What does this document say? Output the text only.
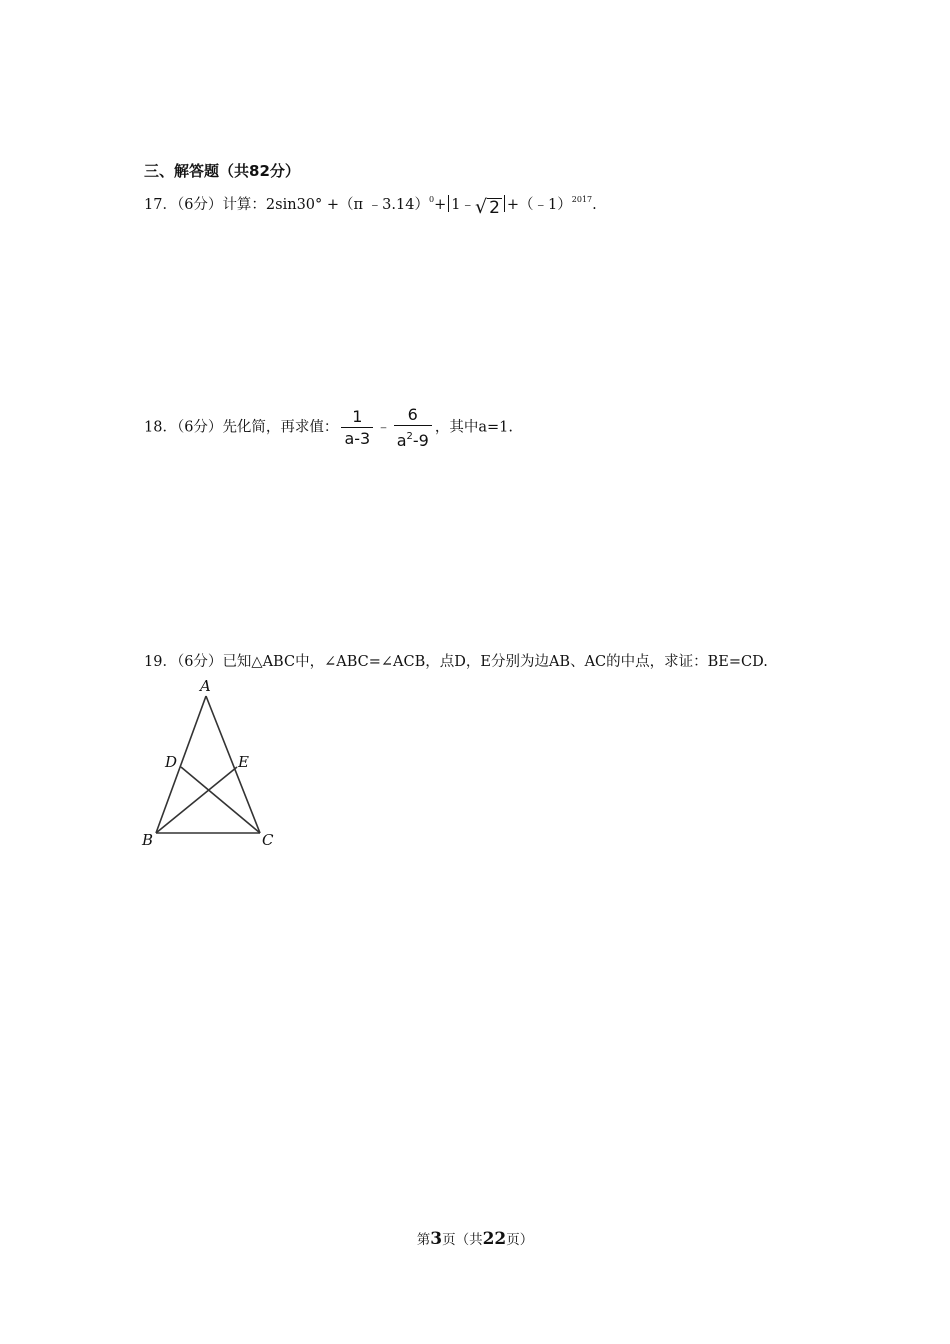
三、解答题（共82分）
17．（6分）计算：2sin30° +（π ﹣3.14）$^0$+ 1﹣ √ 2 +（﹣1）$^{2017}$.
18．（6分）先化简，再求值： $\frac{1}{a-3}$ ﹣ $\frac{6}{a^2-9}$ ，其中a=1.
19．（6分）已知△ABC中，∠ABC=∠ACB，点D，E分别为边AB、AC的中点，求证：BE=CD.
A
D	E
B	C
第3页（共22页）
